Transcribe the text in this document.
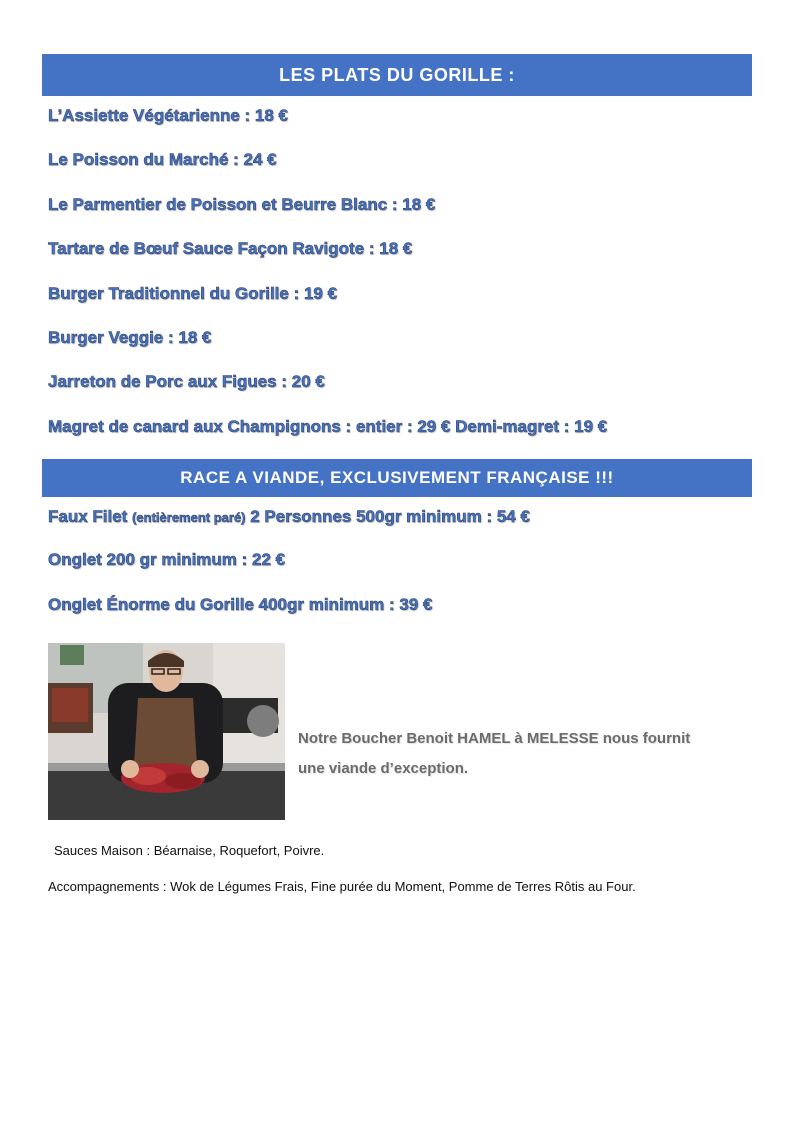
LES PLATS DU GORILLE :

L’Assiette Végétarienne : 18 €

Le Poisson du Marché : 24 €

Le Parmentier de Poisson et Beurre Blanc : 18 €

Tartare de Bœuf Sauce Façon Ravigote : 18 €

Burger Traditionnel du Gorille : 19 €

Burger Veggie : 18 €

Jarreton de Porc aux Figues : 20 €

Magret de canard aux Champignons : entier : 29 € Demi-magret : 19 €

RACE A VIANDE, EXCLUSIVEMENT FRANÇAISE !!!

Faux Filet (entièrement paré) 2 Personnes 500gr minimum : 54 €

Onglet 200 gr minimum : 22 €

Onglet Énorme du Gorille 400gr minimum : 39 €

Notre Boucher Benoit HAMEL à MELESSE nous fournit
une viande d’exception.

Sauces Maison : Béarnaise, Roquefort, Poivre.

Accompagnements : Wok de Légumes Frais, Fine purée du Moment, Pomme de Terres Rôtis au Four.
